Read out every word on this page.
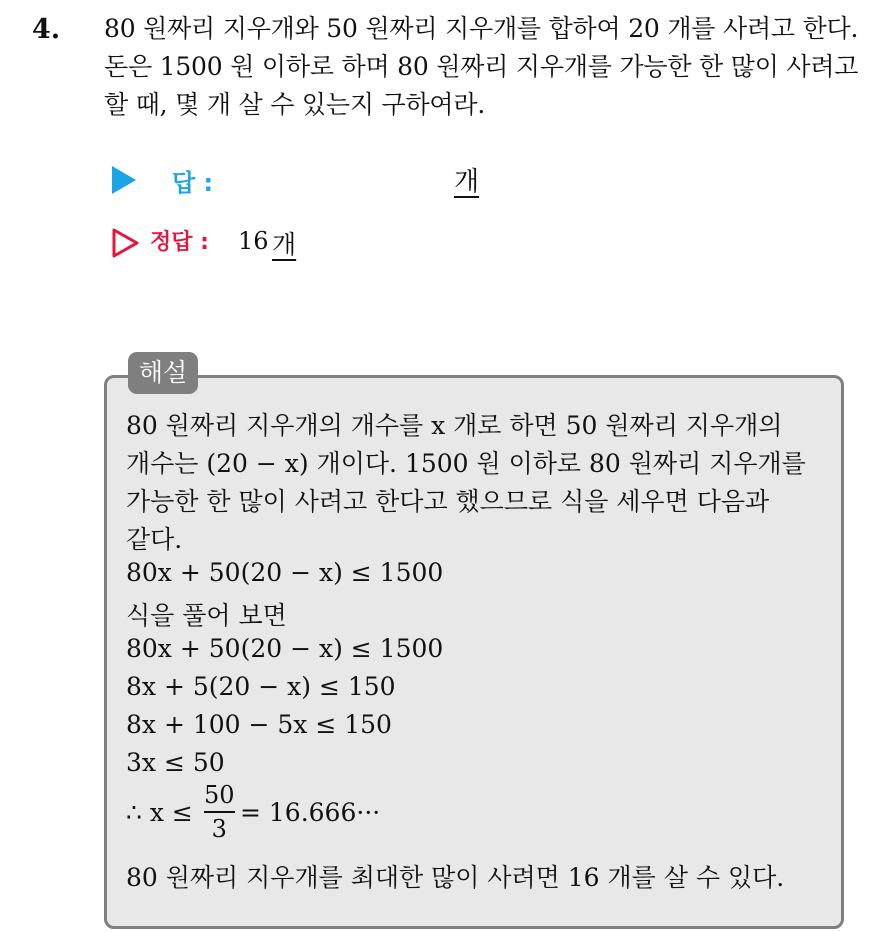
4. 80 원짜리 지우개와 50 원짜리 지우개를 합하여 20 개를 사려고 한다.
돈은 1500 원 이하로 하며 80 원짜리 지우개를 가능한 한 많이 사려고
할 때, 몇 개 살 수 있는지 구하여라.
답 :	개
정답 : 16 개
해설
80 원짜리 지우개의 개수를 x 개로 하면 50 원짜리 지우개의
개수는 (20 − x) 개이다. 1500 원 이하로 80 원짜리 지우개를
가능한 한 많이 사려고 한다고 했으므로 식을 세우면 다음과
같다.
80x + 50(20 − x) ≤ 1500
식을 풀어 보면
80x + 50(20 − x) ≤ 1500
8x + 5(20 − x) ≤ 150
8x + 100 − 5x ≤ 150
3x ≤ 50
∴ x ≤
50
3
= 16.666···
80 원짜리 지우개를 최대한 많이 사려면 16 개를 살 수 있다.
